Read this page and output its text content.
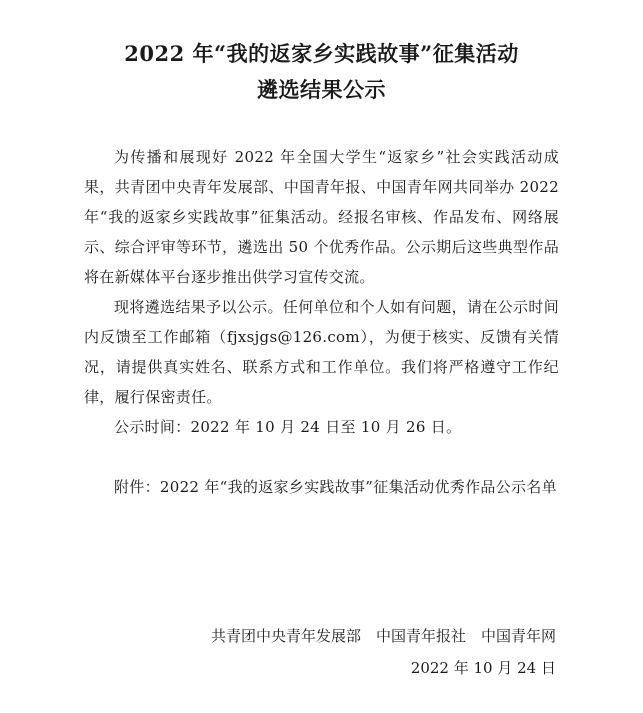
2022 年“我的返家乡实践故事”征集活动
遴选结果公示

为传播和展现好 2022 年全国大学生“返家乡”社会实践活动成果，共青团中央青年发展部、中国青年报、中国青年网共同举办 2022 年“我的返家乡实践故事”征集活动。经报名审核、作品发布、网络展示、综合评审等环节，遴选出 50 个优秀作品。公示期后这些典型作品将在新媒体平台逐步推出供学习宣传交流。

现将遴选结果予以公示。任何单位和个人如有问题，请在公示时间内反馈至工作邮箱（fjxsjgs@126.com），为便于核实、反馈有关情况，请提供真实姓名、联系方式和工作单位。我们将严格遵守工作纪律，履行保密责任。

公示时间：2022 年 10 月 24 日至 10 月 26 日。

附件：2022 年“我的返家乡实践故事”征集活动优秀作品公示名单

共青团中央青年发展部　中国青年报社　中国青年网
2022 年 10 月 24 日
